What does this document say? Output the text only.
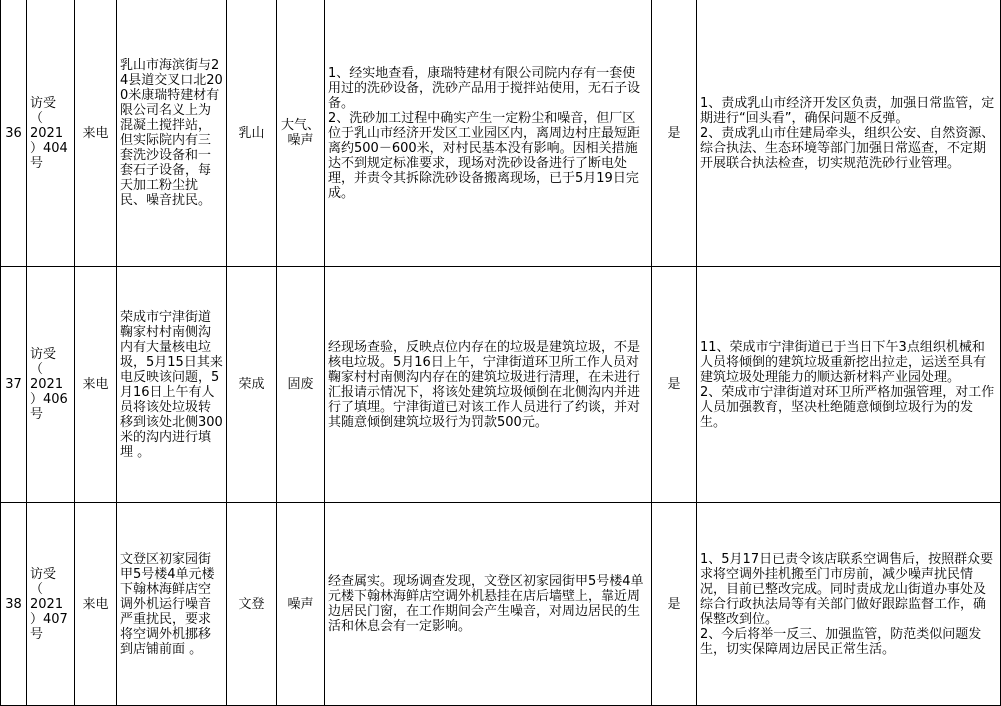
36	访受
（
2021
）404
号	来电	乳山市海滨街与24县道交叉口北200米康瑞特建材有限公司名义上为混凝土搅拌站，但实际院内有三套洗沙设备和一套石子设备，每天加工粉尘扰民、噪音扰民。	乳山	大气、噪声	1、经实地查看，康瑞特建材有限公司院内存有一套使用过的洗砂设备，洗砂产品用于搅拌站使用，无石子设备。
2、洗砂加工过程中确实产生一定粉尘和噪音，但厂区位于乳山市经济开发区工业园区内，离周边村庄最短距离约500－600米，对村民基本没有影响。因相关措施达不到规定标准要求，现场对洗砂设备进行了断电处理，并责令其拆除洗砂设备搬离现场，已于5月19日完成。	是	1、责成乳山市经济开发区负责，加强日常监管，定期进行“回头看”，确保问题不反弹。
2、责成乳山市住建局牵头，组织公安、自然资源、综合执法、生态环境等部门加强日常巡查，不定期开展联合执法检查，切实规范洗砂行业管理。

37	访受
（
2021
）406
号	来电	荣成市宁津街道鞠家村村南侧沟内有大量核电垃圾，5月15日其来电反映该问题，5月16日上午有人员将该处垃圾转移到该处北侧300米的沟内进行填埋 。	荣成	固废	经现场查验，反映点位内存在的垃圾是建筑垃圾，不是核电垃圾。5月16日上午，宁津街道环卫所工作人员对鞠家村村南侧沟内存在的建筑垃圾进行清理，在未进行汇报请示情况下，将该处建筑垃圾倾倒在北侧沟内并进行了填埋。宁津街道已对该工作人员进行了约谈，并对其随意倾倒建筑垃圾行为罚款500元。	是	11、荣成市宁津街道已于当日下午3点组织机械和人员将倾倒的建筑垃圾重新挖出拉走，运送至具有建筑垃圾处理能力的顺达新材料产业园处理。
2、荣成市宁津街道对环卫所严格加强管理，对工作人员加强教育，坚决杜绝随意倾倒垃圾行为的发生。

38	访受
（
2021
）407
号	来电	文登区初家园街甲5号楼4单元楼下翰林海鲜店空调外机运行噪音严重扰民，要求将空调外机挪移到店铺前面 。	文登	噪声	经查属实。现场调查发现，文登区初家园街甲5号楼4单元楼下翰林海鲜店空调外机悬挂在店后墙壁上，靠近周边居民门窗，在工作期间会产生噪音，对周边居民的生活和休息会有一定影响。	是	1、5月17日已责令该店联系空调售后，按照群众要求将空调外挂机搬至门市房前，减少噪声扰民情况，目前已整改完成。同时责成龙山街道办事处及综合行政执法局等有关部门做好跟踪监督工作，确保整改到位。
2、今后将举一反三、加强监管，防范类似问题发生，切实保障周边居民正常生活。
